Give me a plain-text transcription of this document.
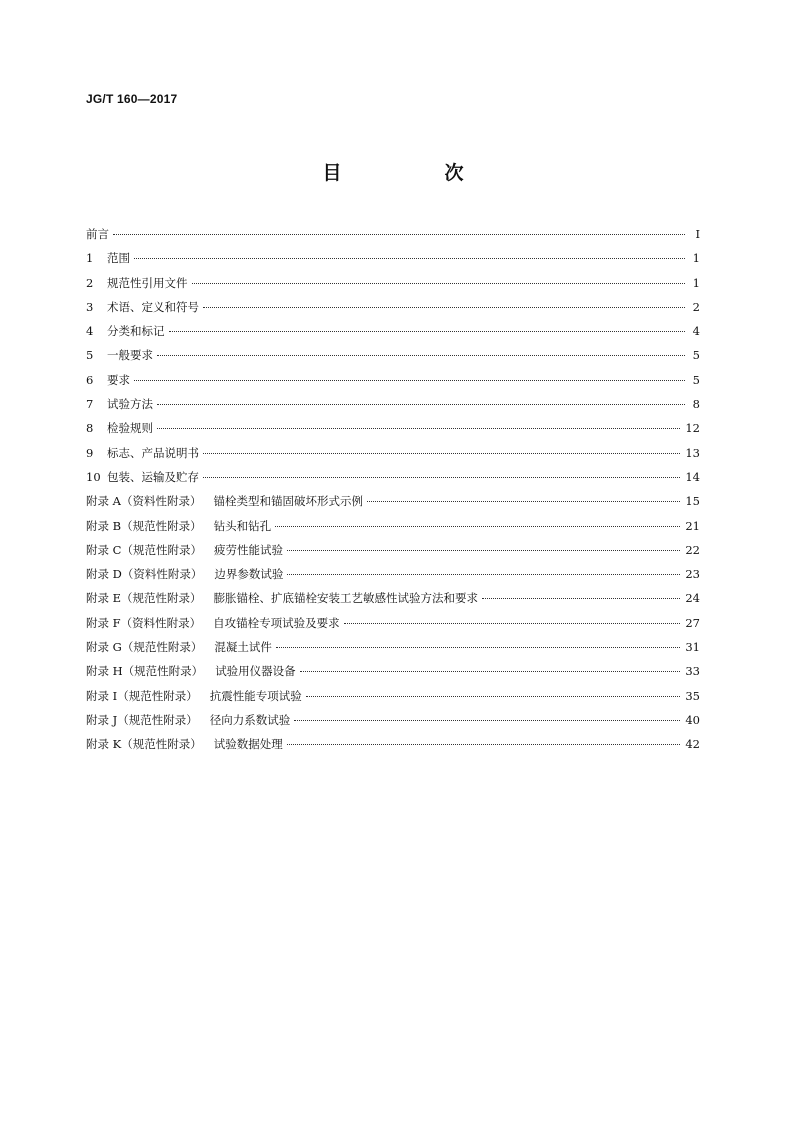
JG/T 160—2017
目　次
前言	I
1	范围	1
2	规范性引用文件	1
3	术语、定义和符号	2
4	分类和标记	4
5	一般要求	5
6	要求	5
7	试验方法	8
8	检验规则	12
9	标志、产品说明书	13
10 包装、运输及贮存	14
附录 A（资料性附录）	锚栓类型和锚固破坏形式示例	15
附录 B（规范性附录）	钻头和钻孔	21
附录 C（规范性附录）	疲劳性能试验	22
附录 D（资料性附录）	边界参数试验	23
附录 E（规范性附录）	膨胀锚栓、扩底锚栓安装工艺敏感性试验方法和要求	24
附录 F（资料性附录）	自攻锚栓专项试验及要求	27
附录 G（规范性附录）	混凝土试件	31
附录 H（规范性附录）	试验用仪器设备	33
附录 I（规范性附录）	抗震性能专项试验	35
附录 J（规范性附录）	径向力系数试验	40
附录 K（规范性附录）	试验数据处理	42
